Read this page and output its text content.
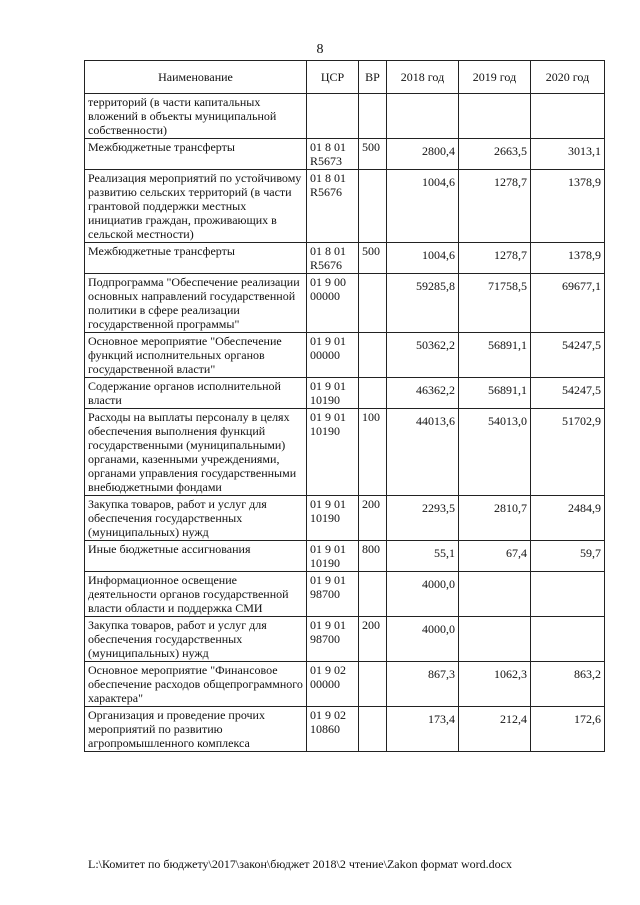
8
Наименование	ЦСР	ВР	2018 год	2019 год	2020 год
территорий (в части капитальных вложений в объекты муниципальной собственности)			

Межбюджетные трансферты	01 8 01 R5673	500	2800,4	2663,5	3013,1

Реализация мероприятий по устойчивому развитию сельских территорий (в части грантовой поддержки местных инициатив граждан, проживающих в сельской местности)	01 8 01 R5676		1004,6	1278,7	1378,9

Межбюджетные трансферты	01 8 01 R5676	500	1004,6	1278,7	1378,9

Подпрограмма "Обеспечение реализации основных направлений государственной политики в сфере реализации государственной программы"	01 9 00 00000		59285,8	71758,5	69677,1

Основное мероприятие "Обеспечение функций исполнительных органов государственной власти"	01 9 01 00000		50362,2	56891,1	54247,5

Содержание органов исполнительной власти	01 9 01 10190		46362,2	56891,1	54247,5

Расходы на выплаты персоналу в целях обеспечения выполнения функций государственными (муниципальными) органами, казенными учреждениями, органами управления государственными внебюджетными фондами	01 9 01 10190	100	44013,6	54013,0	51702,9

Закупка товаров, работ и услуг для обеспечения государственных (муниципальных) нужд	01 9 01 10190	200	2293,5	2810,7	2484,9

Иные бюджетные ассигнования	01 9 01 10190	800	55,1	67,4	59,7

Информационное освещение деятельности органов государственной власти области и поддержка СМИ	01 9 01 98700		4000,0		

Закупка товаров, работ и услуг для обеспечения государственных (муниципальных) нужд	01 9 01 98700	200	4000,0		

Основное мероприятие "Финансовое обеспечение расходов общепрограммного характера"	01 9 02 00000		867,3	1062,3	863,2

Организация и проведение прочих мероприятий по развитию агропромышленного комплекса	01 9 02 10860		173,4	212,4	172,6
L:\Комитет по бюджету\2017\закон\бюджет 2018\2 чтение\Zakon формат word.docx
